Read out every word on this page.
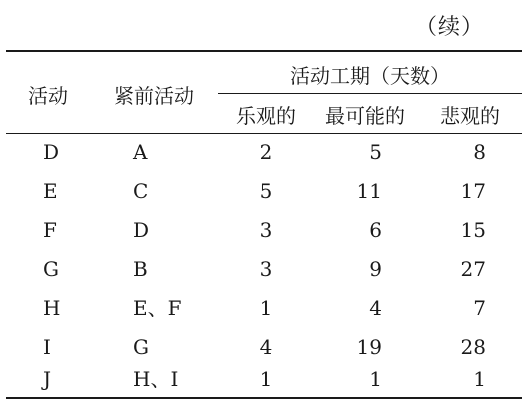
（续）
活动 紧前活动
活动工期（天数）
乐观的 最可能的 悲观的
D	A	2	5	8
E	C	5	11	17
F	D	3	6	15
G	B	3	9	27
H	E、F	1	4	7
I	G	4	19	28
J	H、I	1	1	1
